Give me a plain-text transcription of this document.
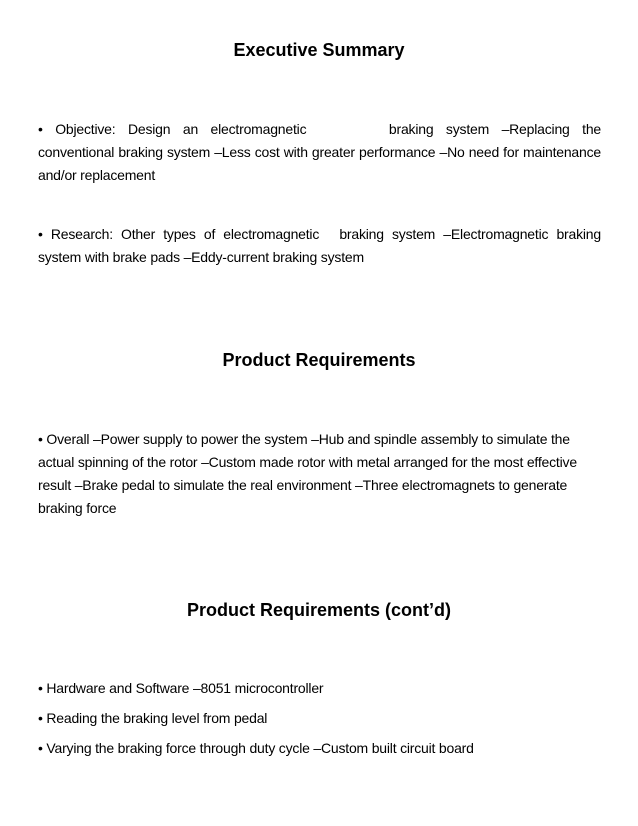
Executive Summary

• Objective: Design an electromagnetic	braking system –Replacing the conventional braking system –Less cost with greater performance –No need for maintenance and/or replacement

• Research: Other types of electromagnetic braking system –Electromagnetic braking system with brake pads –Eddy-current braking system

Product Requirements

• Overall –Power supply to power the system –Hub and spindle assembly to simulate the actual spinning of the rotor –Custom made rotor with metal arranged for the most effective result –Brake pedal to simulate the real environment –Three electromagnets to generate braking force

Product Requirements (cont’d)

• Hardware and Software –8051 microcontroller

• Reading the braking level from pedal

• Varying the braking force through duty cycle –Custom built circuit board
